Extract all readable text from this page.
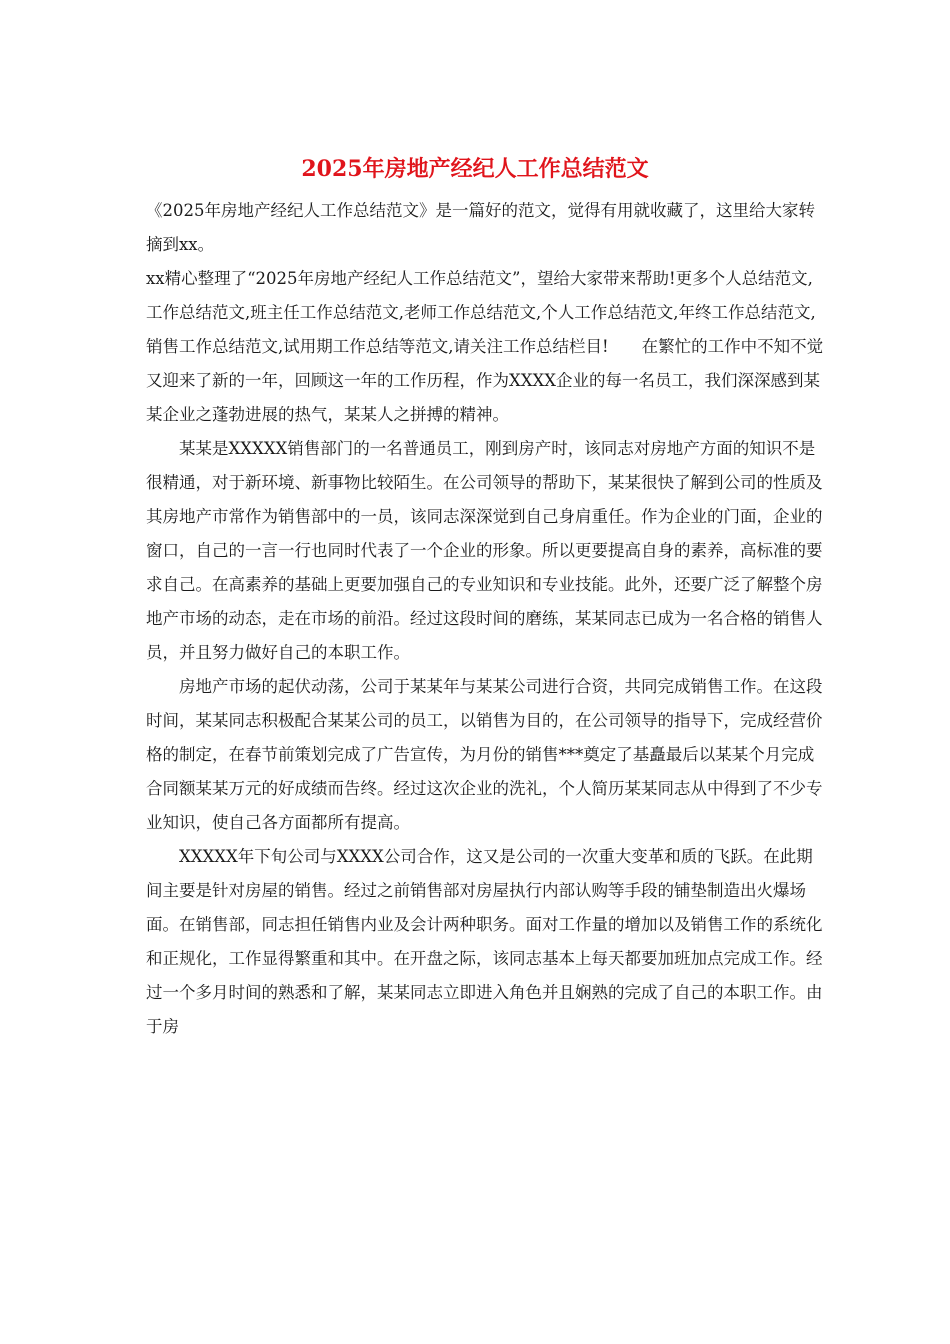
2025年房地产经纪人工作总结范文

《2025年房地产经纪人工作总结范文》是一篇好的范文，觉得有用就收藏了，这里给大家转摘到xx。

xx精心整理了“2025年房地产经纪人工作总结范文”，望给大家带来帮助!更多个人总结范文,工作总结范文,班主任工作总结范文,老师工作总结范文,个人工作总结范文,年终工作总结范文,销售工作总结范文,试用期工作总结等范文,请关注工作总结栏目!　　在繁忙的工作中不知不觉又迎来了新的一年，回顾这一年的工作历程，作为XXXX企业的每一名员工，我们深深感到某某企业之蓬勃进展的热气，某某人之拼搏的精神。

某某是XXXXX销售部门的一名普通员工，刚到房产时，该同志对房地产方面的知识不是很精通，对于新环境、新事物比较陌生。在公司领导的帮助下，某某很快了解到公司的性质及其房地产市常作为销售部中的一员，该同志深深觉到自己身肩重任。作为企业的门面，企业的窗口，自己的一言一行也同时代表了一个企业的形象。所以更要提高自身的素养，高标准的要求自己。在高素养的基础上更要加强自己的专业知识和专业技能。此外，还要广泛了解整个房地产市场的动态，走在市场的前沿。经过这段时间的磨练，某某同志已成为一名合格的销售人员，并且努力做好自己的本职工作。

房地产市场的起伏动荡，公司于某某年与某某公司进行合资，共同完成销售工作。在这段时间，某某同志积极配合某某公司的员工，以销售为目的，在公司领导的指导下，完成经营价格的制定，在春节前策划完成了广告宣传，为月份的销售***奠定了基矗最后以某某个月完成合同额某某万元的好成绩而告终。经过这次企业的洗礼，个人简历某某同志从中得到了不少专业知识，使自己各方面都所有提高。

XXXXX年下旬公司与XXXX公司合作，这又是公司的一次重大变革和质的飞跃。在此期间主要是针对房屋的销售。经过之前销售部对房屋执行内部认购等手段的铺垫制造出火爆场面。在销售部，同志担任销售内业及会计两种职务。面对工作量的增加以及销售工作的系统化和正规化，工作显得繁重和其中。在开盘之际，该同志基本上每天都要加班加点完成工作。经过一个多月时间的熟悉和了解，某某同志立即进入角色并且娴熟的完成了自己的本职工作。由于房
